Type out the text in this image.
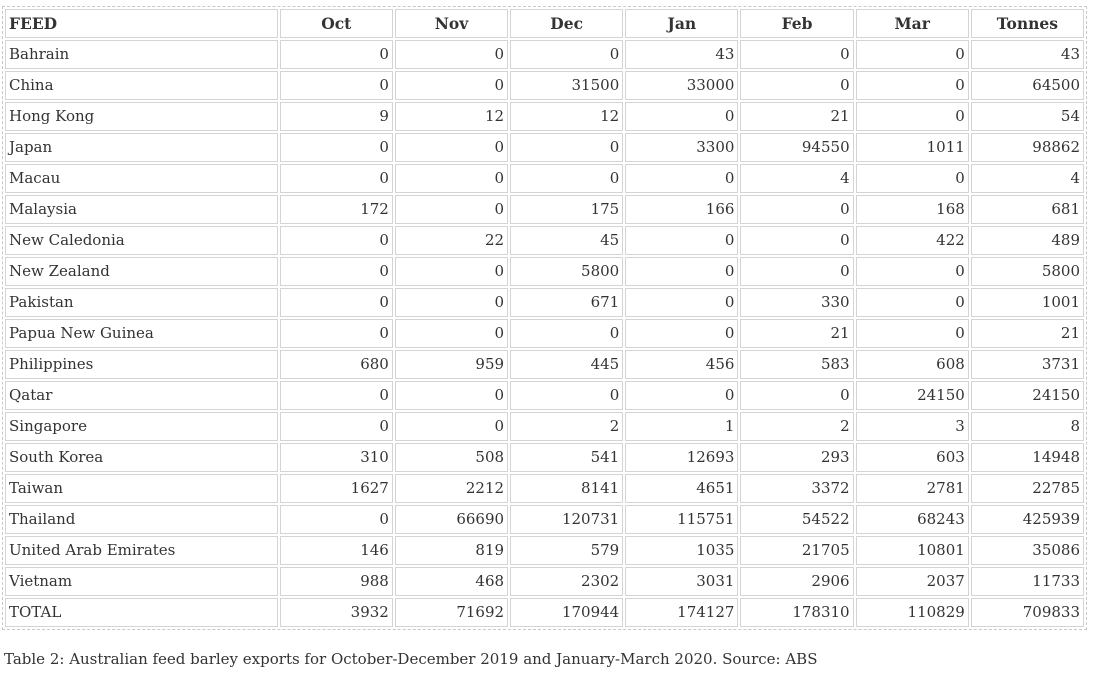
FEED	Oct	Nov	Dec	Jan	Feb	Mar	Tonnes
Bahrain	0	0	0	43	0	0	43
China	0	0	31500	33000	0	0	64500
Hong Kong	9	12	12	0	21	0	54
Japan	0	0	0	3300	94550	1011	98862
Macau	0	0	0	0	4	0	4
Malaysia	172	0	175	166	0	168	681
New Caledonia	0	22	45	0	0	422	489
New Zealand	0	0	5800	0	0	0	5800
Pakistan	0	0	671	0	330	0	1001
Papua New Guinea	0	0	0	0	21	0	21
Philippines	680	959	445	456	583	608	3731
Qatar	0	0	0	0	0	24150	24150
Singapore	0	0	2	1	2	3	8
South Korea	310	508	541	12693	293	603	14948
Taiwan	1627	2212	8141	4651	3372	2781	22785
Thailand	0	66690	120731	115751	54522	68243	425939
United Arab Emirates	146	819	579	1035	21705	10801	35086
Vietnam	988	468	2302	3031	2906	2037	11733
TOTAL	3932	71692	170944	174127	178310	110829	709833
Table 2: Australian feed barley exports for October-December 2019 and January-March 2020. Source: ABS
